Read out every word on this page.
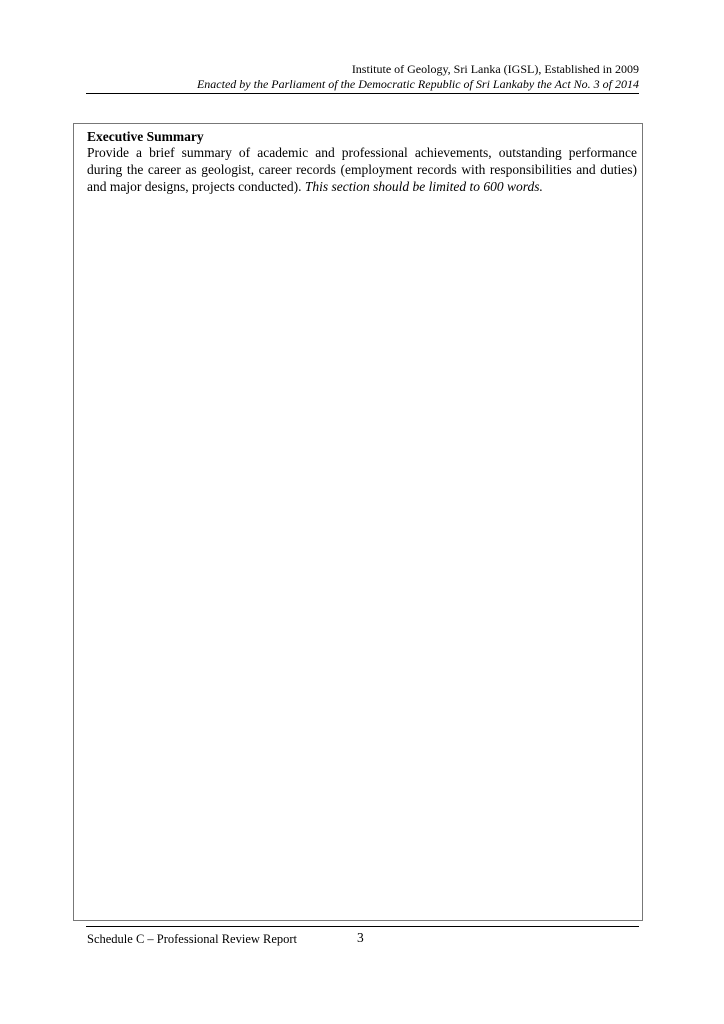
Institute of Geology, Sri Lanka (IGSL), Established in 2009
Enacted by the Parliament of the Democratic Republic of Sri Lankaby the Act No. 3 of 2014
Executive Summary
Provide a brief summary of academic and professional achievements, outstanding performance during the career as geologist, career records (employment records with responsibilities and duties) and major designs, projects conducted). This section should be limited to 600 words.
Schedule C – Professional Review Report	3
